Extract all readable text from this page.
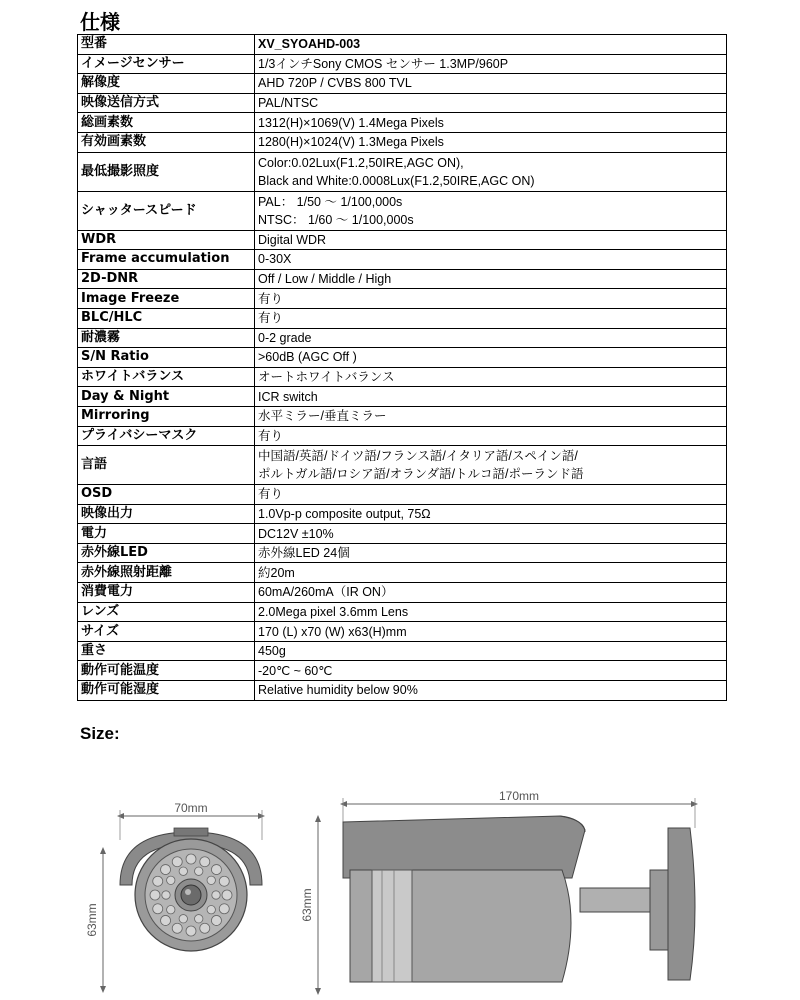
仕様
型番	XV_SYOAHD-003

イメージセンサー	1/3インチSony CMOS センサー 1.3MP/960P

解像度	AHD 720P / CVBS 800 TVL

映像送信方式	PAL/NTSC

総画素数	1312(H)×1069(V) 1.4Mega Pixels

有効画素数	1280(H)×1024(V) 1.3Mega Pixels

最低撮影照度	Color:0.02Lux(F1.2,50IRE,AGC ON),
Black and White:0.0008Lux(F1.2,50IRE,AGC ON)

シャッタースピード	PAL： 1/50 〜 1/100,000s
NTSC： 1/60 〜 1/100,000s

WDR	Digital WDR

Frame accumulation	0-30X

2D-DNR	Off / Low / Middle / High

Image Freeze	有り

BLC/HLC	有り

耐濃霧	0-2 grade

S/N Ratio	>60dB (AGC Off )

ホワイトバランス	オートホワイトバランス

Day & Night	ICR switch

Mirroring	水平ミラー/垂直ミラー

プライバシーマスク	有り

言語	中国語/英語/ドイツ語/フランス語/イタリア語/スペイン語/
ポルトガル語/ロシア語/オランダ語/トルコ語/ポーランド語

OSD	有り

映像出力	1.0Vp-p composite output, 75Ω

電力	DC12V ±10%

赤外線LED	赤外線LED 24個

赤外線照射距離	約20m

消費電力	60mA/260mA（IR ON）

レンズ	2.0Mega pixel 3.6mm Lens

サイズ	170 (L) x70 (W) x63(H)mm

重さ	450g

動作可能温度	-20℃ ~ 60℃

動作可能湿度	Relative humidity below 90%
Size:
70mm
63mm
170mm
63mm
